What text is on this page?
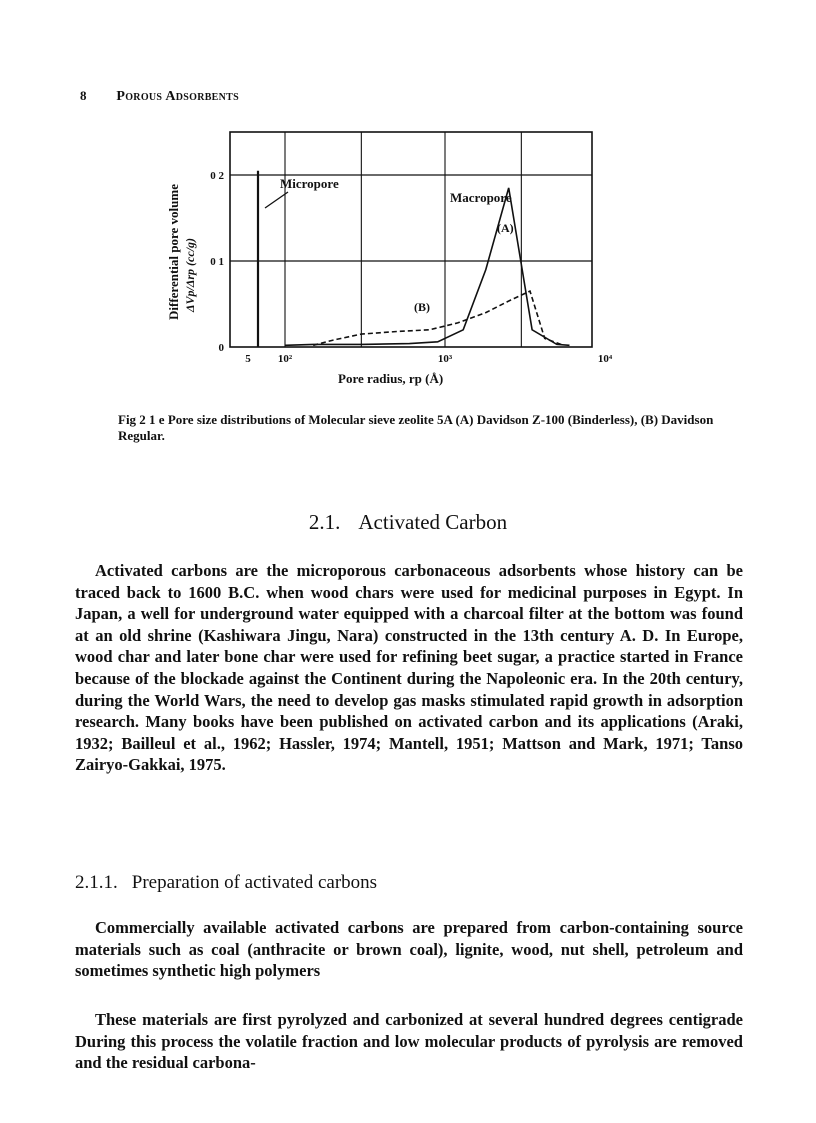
8 Porous Adsorbents
0
0 1
0 2
5 10²	10³	10⁴
Differential pore volume ΔVp/Δrp (cc/g)
Pore radius, rp (Å)
Micropore
Macropore
(A)
(B)
Fig 2 1 e Pore size distributions of Molecular sieve zeolite 5A (A) Davidson Z-100 (Binderless), (B) Davidson Regular.
2.1. Activated Carbon

Activated carbons are the microporous carbonaceous adsorbents whose history can be traced back to 1600 B.C. when wood chars were used for medicinal purposes in Egypt. In Japan, a well for underground water equipped with a charcoal filter at the bottom was found at an old shrine (Kashiwara Jingu, Nara) constructed in the 13th century A. D. In Europe, wood char and later bone char were used for refining beet sugar, a practice started in France because of the blockade against the Continent during the Napoleonic era. In the 20th century, during the World Wars, the need to develop gas masks stimulated rapid growth in adsorption research. Many books have been published on activated carbon and its applications (Araki, 1932; Bailleul et al., 1962; Hassler, 1974; Mantell, 1951; Mattson and Mark, 1971; Tanso Zairyo-Gakkai, 1975.

2.1.1. Preparation of activated carbons

Commercially available activated carbons are prepared from carbon-containing source materials such as coal (anthracite or brown coal), lignite, wood, nut shell, petroleum and sometimes synthetic high polymers

These materials are first pyrolyzed and carbonized at several hundred degrees centigrade During this process the volatile fraction and low molecular products of pyrolysis are removed and the residual carbona-
